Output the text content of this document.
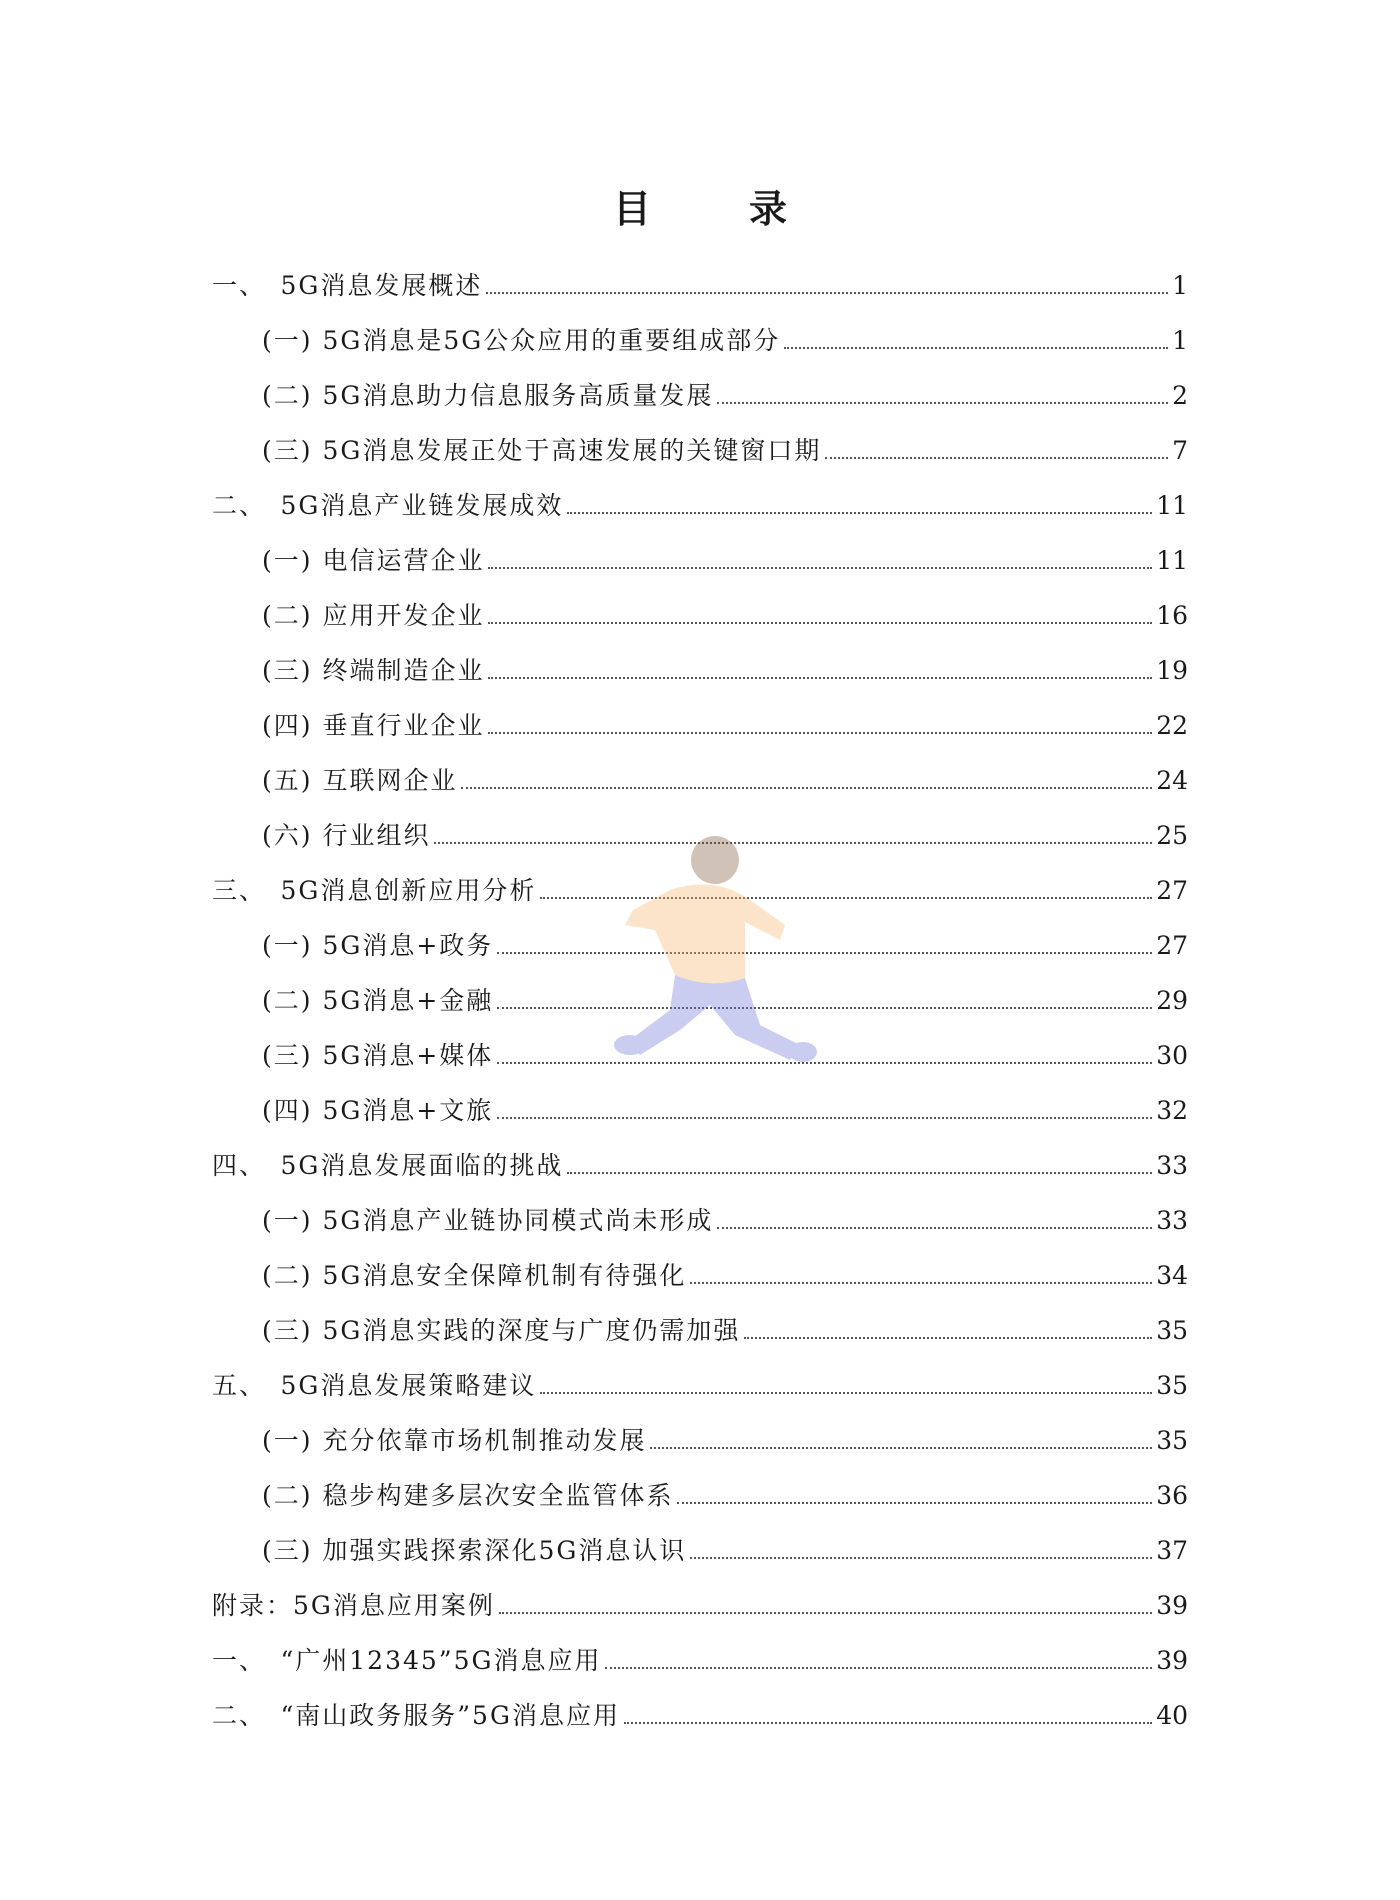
目　录
一、　5G消息发展概述	1
(一) 5G消息是5G公众应用的重要组成部分	1
(二) 5G消息助力信息服务高质量发展	2
(三) 5G消息发展正处于高速发展的关键窗口期	7
二、　5G消息产业链发展成效	11
(一) 电信运营企业	11
(二) 应用开发企业	16
(三) 终端制造企业	19
(四) 垂直行业企业	22
(五) 互联网企业	24
(六) 行业组织	25
三、　5G消息创新应用分析	27
(一) 5G消息+政务	27
(二) 5G消息+金融	29
(三) 5G消息+媒体	30
(四) 5G消息+文旅	32
四、　5G消息发展面临的挑战	33
(一) 5G消息产业链协同模式尚未形成	33
(二) 5G消息安全保障机制有待强化	34
(三) 5G消息实践的深度与广度仍需加强	35
五、　5G消息发展策略建议	35
(一) 充分依靠市场机制推动发展	35
(二) 稳步构建多层次安全监管体系	36
(三) 加强实践探索深化5G消息认识	37
附录：5G消息应用案例	39
一、　“广州12345”5G消息应用	39
二、　“南山政务服务”5G消息应用	40
